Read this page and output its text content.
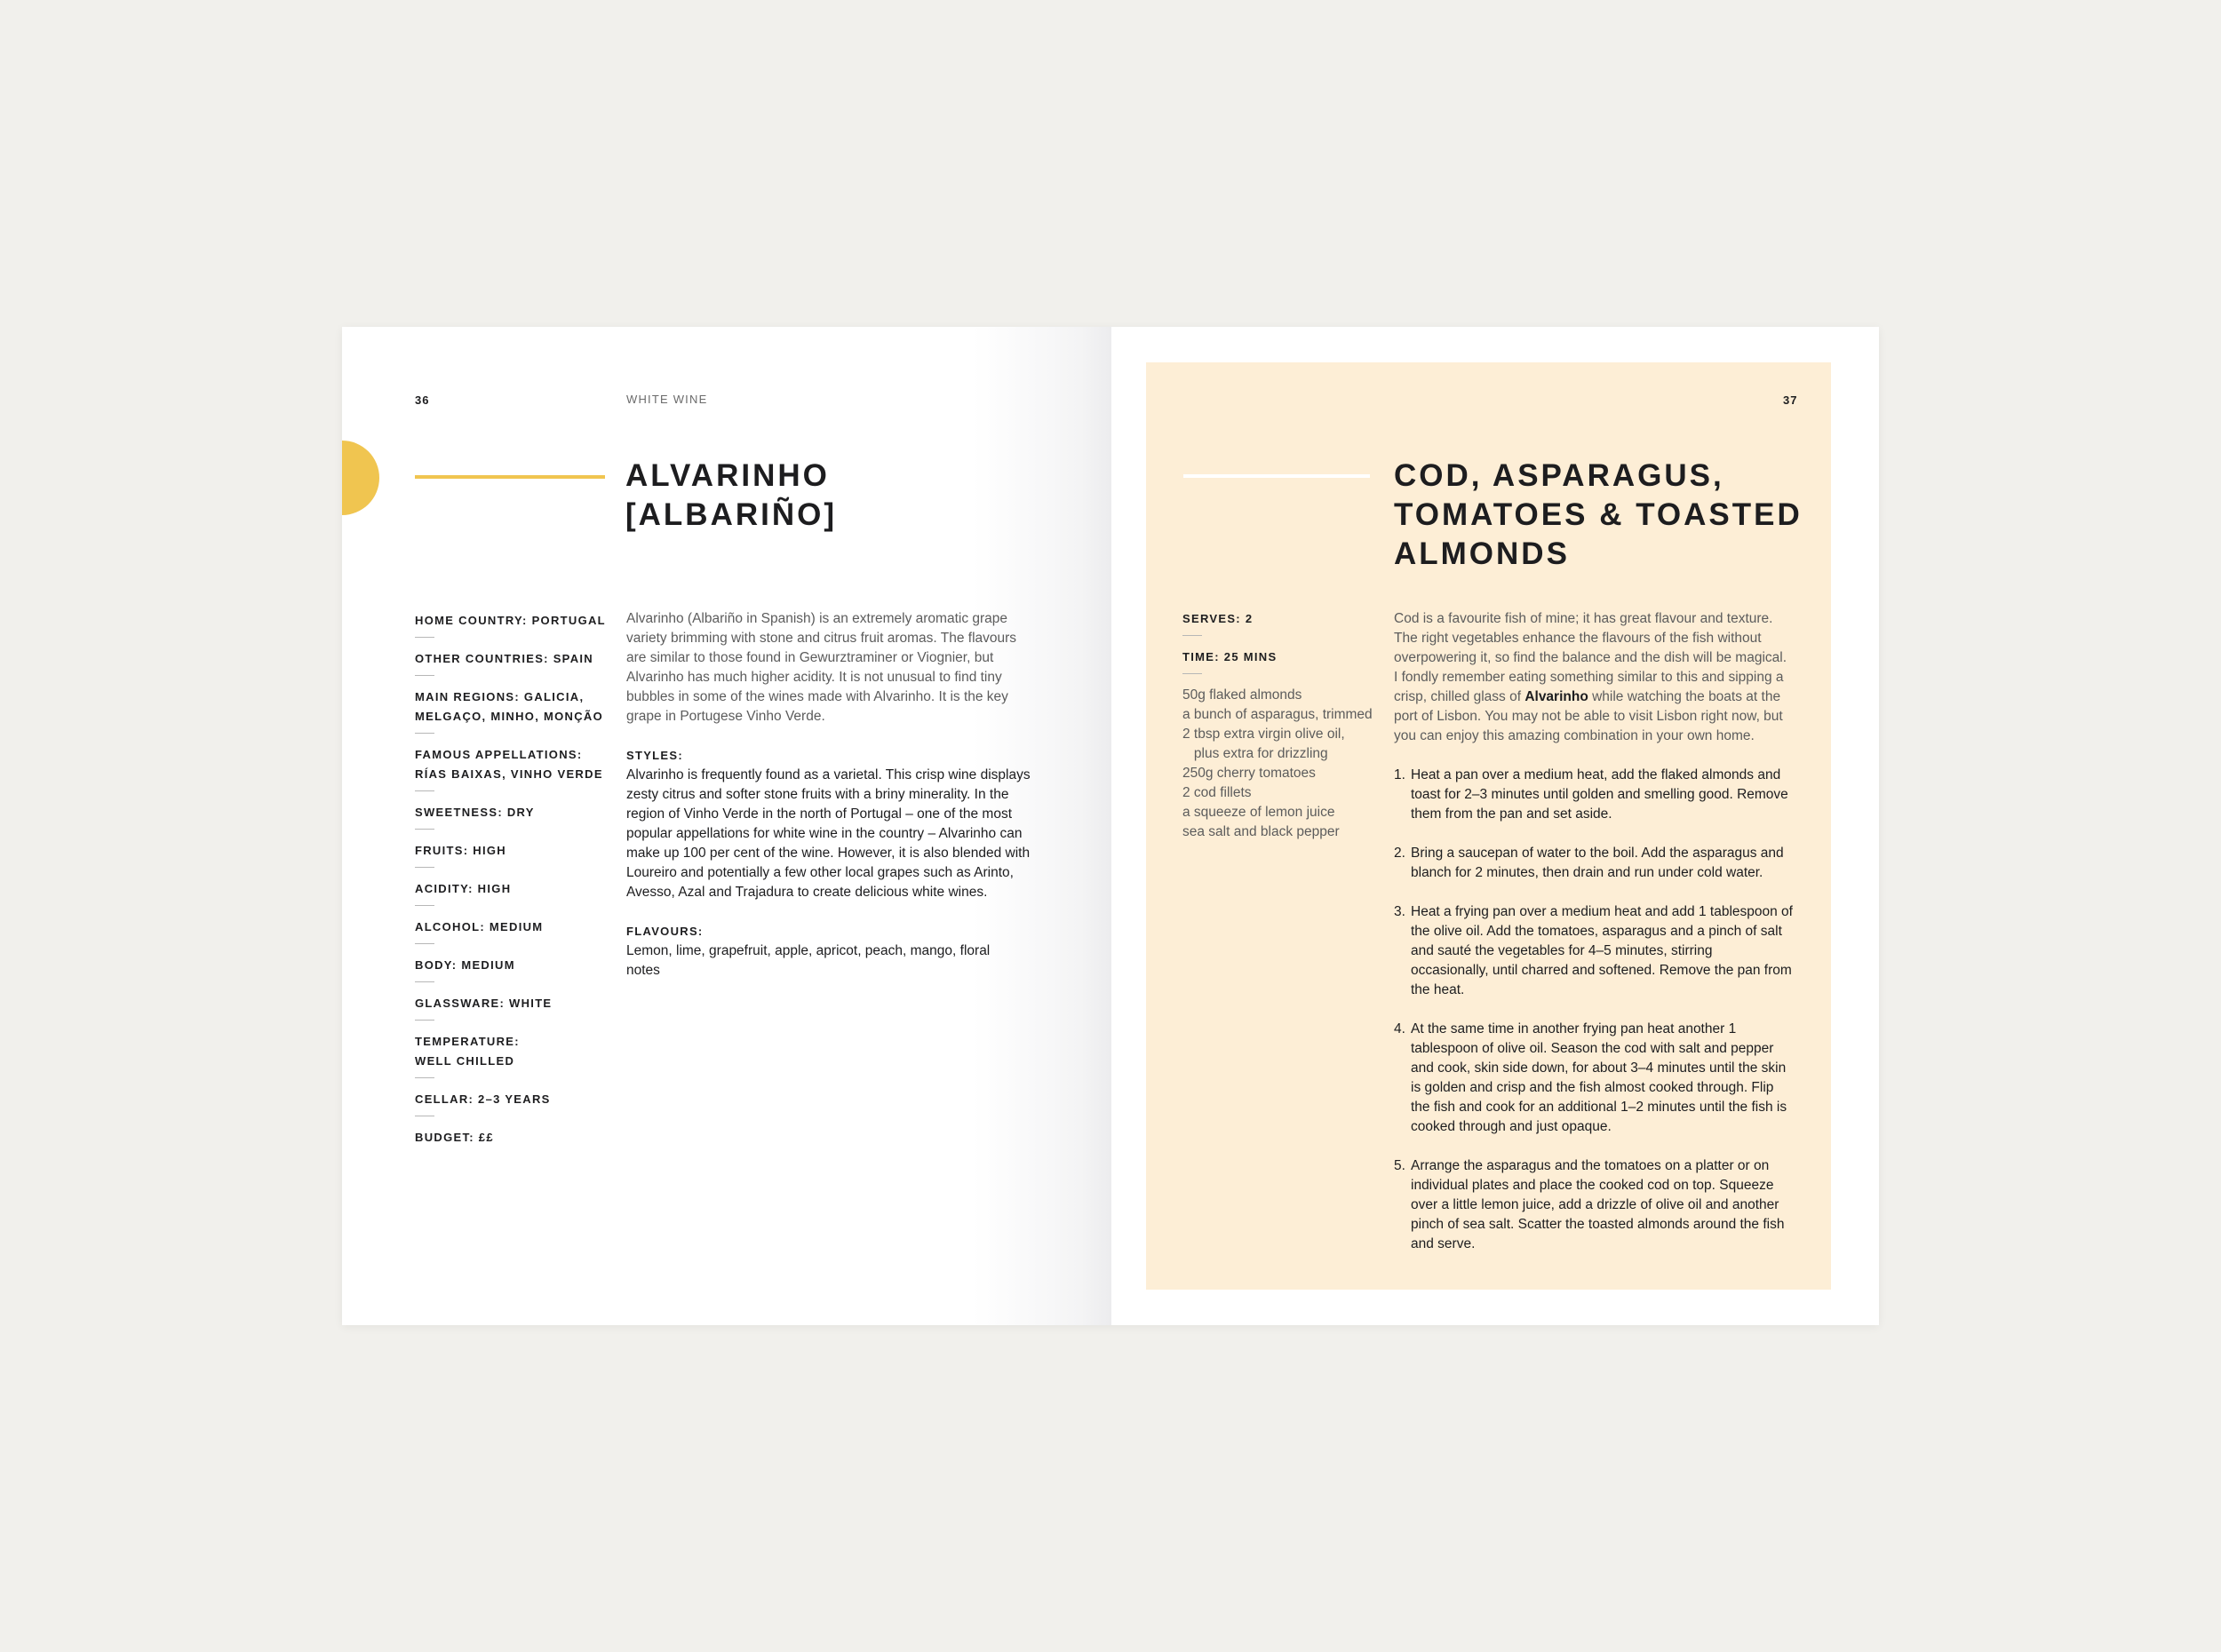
36	WHITE WINE
ALVARINHO
[ALBARIÑO]
HOME COUNTRY: PORTUGAL
OTHER COUNTRIES: SPAIN
MAIN REGIONS: GALICIA,
MELGAÇO, MINHO, MONÇÃO
FAMOUS APPELLATIONS:
RÍAS BAIXAS, VINHO VERDE
SWEETNESS: DRY
FRUITS: HIGH
ACIDITY: HIGH
ALCOHOL: MEDIUM
BODY: MEDIUM
GLASSWARE: WHITE
TEMPERATURE:
WELL CHILLED
CELLAR: 2–3 YEARS
BUDGET: ££

Alvarinho (Albariño in Spanish) is an extremely aromatic grape variety brimming with stone and citrus fruit aromas. The flavours are similar to those found in Gewurztraminer or Viognier, but Alvarinho has much higher acidity. It is not unusual to find tiny bubbles in some of the wines made with Alvarinho. It is the key grape in Portugese Vinho Verde.

STYLES:

Alvarinho is frequently found as a varietal. This crisp wine displays zesty citrus and softer stone fruits with a briny minerality. In the region of Vinho Verde in the north of Portugal – one of the most popular appellations for white wine in the country – Alvarinho can make up 100 per cent of the wine. However, it is also blended with Loureiro and potentially a few other local grapes such as Arinto, Avesso, Azal and Trajadura to create delicious white wines.

FLAVOURS:

Lemon, lime, grapefruit, apple, apricot, peach, mango, floral notes

37
COD, ASPARAGUS,
TOMATOES & TOASTED
ALMONDS
SERVES: 2
TIME: 25 MINS
50g flaked almonds
a bunch of asparagus, trimmed
2 tbsp extra virgin olive oil,
plus extra for drizzling
250g cherry tomatoes
2 cod fillets
a squeeze of lemon juice
sea salt and black pepper

Cod is a favourite fish of mine; it has great flavour and texture. The right vegetables enhance the flavours of the fish without overpowering it, so find the balance and the dish will be magical. I fondly remember eating something similar to this and sipping a crisp, chilled glass of Alvarinho while watching the boats at the port of Lisbon. You may not be able to visit Lisbon right now, but you can enjoy this amazing combination in your own home.

1. Heat a pan over a medium heat, add the flaked almonds and toast for 2–3 minutes until golden and smelling good. Remove them from the pan and set aside.
2. Bring a saucepan of water to the boil. Add the asparagus and blanch for 2 minutes, then drain and run under cold water.
3. Heat a frying pan over a medium heat and add 1 tablespoon of the olive oil. Add the tomatoes, asparagus and a pinch of salt and sauté the vegetables for 4–5 minutes, stirring occasionally, until charred and softened. Remove the pan from the heat.
4. At the same time in another frying pan heat another 1 tablespoon of olive oil. Season the cod with salt and pepper and cook, skin side down, for about 3–4 minutes until the skin is golden and crisp and the fish almost cooked through. Flip the fish and cook for an additional 1–2 minutes until the fish is cooked through and just opaque.
5. Arrange the asparagus and the tomatoes on a platter or on individual plates and place the cooked cod on top. Squeeze over a little lemon juice, add a drizzle of olive oil and another pinch of sea salt. Scatter the toasted almonds around the fish and serve.
